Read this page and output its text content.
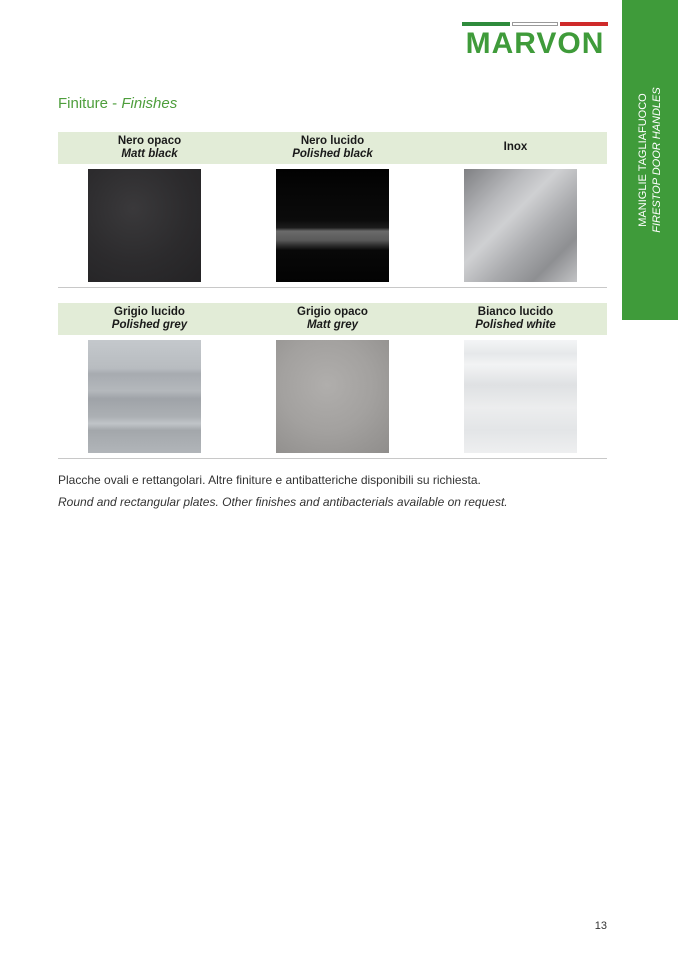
MARVON
MANIGLIE TAGLIAFUOCO FIRESTOP DOOR HANDLES
Finiture - Finishes
Nero opaco
Matt black
Nero lucido
Polished black
Inox
Grigio lucido
Polished grey
Grigio opaco
Matt grey
Bianco lucido
Polished white
Placche ovali e rettangolari. Altre finiture e antibatteriche disponibili su richiesta.
Round and rectangular plates. Other finishes and antibacterials available on request.
13
